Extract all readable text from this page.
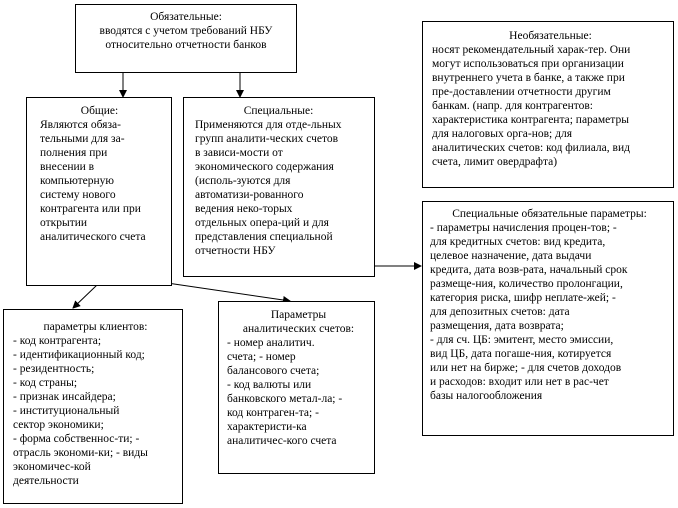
Обязательные:

вводятся с учетом требований НБУ

относительно отчетности банков

Общие:

Являются обяза-

тельными для за-

полнения при

внесении в

компьютерную

систему нового

контрагента или при

открытии

аналитического счета

Специальные:

Применяются для отде-льных

групп аналити-ческих счетов

в зависи-мости от

экономического содержания

(исполь-зуются для

автоматизи-рованного

ведения неко-торых

отдельных опера-ций и для

представления специальной

отчетности НБУ

Необязательные:

носят рекомендательный харак-тер. Они

могут использоваться при организации

внутреннего учета в банке, а также при

пре-доставлении отчетности другим

банкам. (напр. для контрагентов:

характеристика контрагента; параметры

для налоговых орга-нов; для

аналитических счетов: код филиала, вид

счета, лимит овердрафта)

Специальные обязательные параметры:

- параметры начисления процен-тов; -

для кредитных счетов: вид кредита,

целевое назначение, дата выдачи

кредита, дата возв-рата, начальный срок

размеще-ния, количество пролонгации,

категория риска, шифр неплате-жей; -

для депозитных счетов: дата

размещения, дата возврата;

- для сч. ЦБ: эмитент, место эмиссии,

вид ЦБ, дата погаше-ния, котируется

или нет на бирже; - для счетов доходов

и расходов: входит или нет в рас-чет

базы налогообложения

параметры клиентов:

- код контрагента;

- идентификационный код;

- резидентность;

- код страны;

- признак инсайдера;

- институциональный

сектор экономики;

- форма собственнос-ти; -

отрасль экономи-ки; - виды

экономичес-кой

деятельности

Параметры

аналитических счетов:

- номер аналитич.

счета; - номер

балансового счета;

- код валюты или

банковского метал-ла; -

код контраген-та; -

характеристи-ка

аналитичес-кого счета
